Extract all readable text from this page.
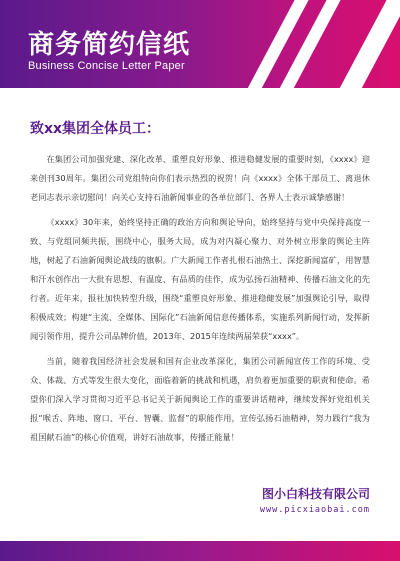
商务简约信纸
Business Concise Letter Paper
致xx集团全体员工：

在集团公司加强党建、深化改革、重塑良好形象、推进稳健发展的重要时刻，《xxxx》迎来创刊30周年。集团公司党组特向你们表示热烈的祝贺！向《xxxx》全体干部员工、离退休老同志表示亲切慰问！向关心支持石油新闻事业的各单位部门、各界人士表示诚挚感谢！

《xxxx》30年来，始终坚持正确的政治方向和舆论导向，始终坚持与党中央保持高度一致、与党组同频共振，围绕中心，服务大局，成为对内凝心聚力、对外树立形象的舆论主阵地，树起了石油新闻舆论战线的旗帜。广大新闻工作者扎根石油热土、深挖新闻富矿，用智慧和汗水创作出一大批有思想、有温度、有品质的佳作，成为弘扬石油精神、传播石油文化的先行者。近年来，报社加快转型升级，围绕“重塑良好形象、推进稳健发展”加强舆论引导，取得积极成效；构建“主流、全媒体、国际化”石油新闻信息传播体系，实施系列新闻行动，发挥新闻引领作用，提升公司品牌价值，2013年、2015年连续两届荣获“xxxx”。

当前，随着我国经济社会发展和国有企业改革深化，集团公司新闻宣传工作的环境、受众、体裁、方式等发生很大变化，面临着新的挑战和机遇，肩负着更加重要的职责和使命。希望你们深入学习贯彻习近平总书记关于新闻舆论工作的重要讲话精神，继续发挥好党组机关报“喉舌、阵地、窗口、平台、智囊、监督”的职能作用，宣传弘扬石油精神，努力践行“我为祖国献石油”的核心价值观，讲好石油故事，传播正能量！

图小白科技有限公司
www.picxiaobai.com
